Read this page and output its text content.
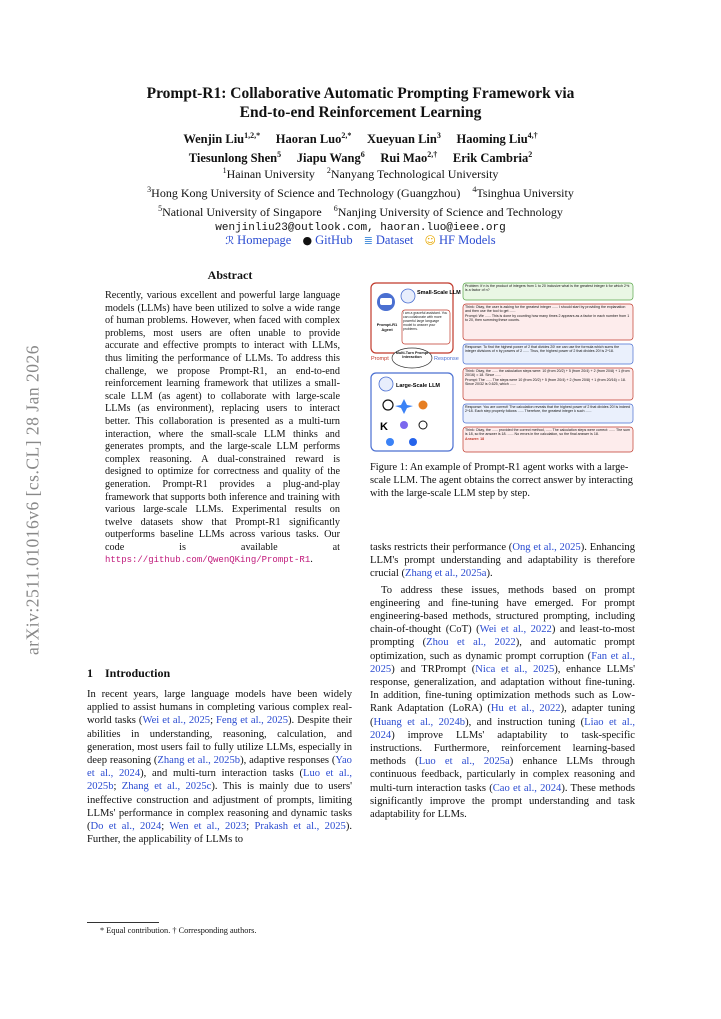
arXiv:2511.01016v6 [cs.CL] 28 Jan 2026
Prompt-R1: Collaborative Automatic Prompting Framework via
End-to-end Reinforcement Learning
Wenjin Liu$^{1,2,*}$ Haoran Luo$^{2,*}$ Xueyuan Lin$^3$ Haoming Liu$^{4,\dagger}$
Tiesunlong Shen$^5$ Jiapu Wang$^6$ Rui Mao$^{2,\dagger}$ Erik Cambria$^2$
$^1$Hainan University $^2$Nanyang Technological University
$^3$Hong Kong University of Science and Technology (Guangzhou) $^4$Tsinghua University
$^5$National University of Singapore $^6$Nanjing University of Science and Technology
wenjinliu23@outlook.com, haoran.luo@ieee.org
ℛ Homepage ● GitHub ≣ Dataset ☺ HF Models
Abstract
Recently, various excellent and powerful large language models (LLMs) have been utilized to solve a wide range of human problems. However, when faced with complex problems, most users are often unable to provide accurate and effective prompts to interact with LLMs, thus limiting the performance of LLMs. To address this challenge, we propose Prompt-R1, an end-to-end reinforcement learning framework that utilizes a small-scale LLM (as agent) to collaborate with large-scale LLMs (as environment), replacing users to interact better. This collaboration is presented as a multi-turn interaction, where the small-scale LLM thinks and generates prompts, and the large-scale LLM performs complex reasoning. A dual-constrained reward is designed to optimize for correctness and quality of the generation. Prompt-R1 provides a plug-and-play framework that supports both inference and training with various large-scale LLMs. Experimental results on twelve datasets show that Prompt-R1 significantly outperforms baseline LLMs across various tasks. Our code is available at https://github.com/QwenQKing/Prompt-R1.
1 Introduction
In recent years, large language models have been widely applied to assist humans in completing various complex real-world tasks (Wei et al., 2025; Feng et al., 2025). Despite their abilities in understanding, reasoning, calculation, and generation, most users fail to fully utilize LLMs, especially in deep reasoning (Zhang et al., 2025b), adaptive responses (Yao et al., 2024), and multi-turn interaction tasks (Luo et al., 2025b; Zhang et al., 2025c). This is mainly due to users' ineffective construction and adjustment of prompts, limiting LLMs' performance in complex reasoning and dynamic tasks (Do et al., 2024; Wen et al., 2023; Prakash et al., 2025). Further, the applicability of LLMs to
* Equal contribution. † Corresponding authors.
Small-Scale LLM
I am a graceful assistant. You can collaborate with more powerful large language model to answer your problems.
Prompt-R1 Agent
Prompt
Multi-Turn Prompt Interaction	Response
Large-Scale LLM
K
Problem: If n is the product of integers from 1 to 20 inclusive what is the greatest integer k for which 2^k is a factor of n?
Think: Okay, the user is asking for the greatest integer ...... I should start by providing the explanation and then use the tool to get ......
Prompt: We ...... This is done by counting how many times 2 appears as a factor in each number from 1 to 20, then summing these counts.
Response: To find the highest power of 2 that divides 20! we can use the formula which sums the integer divisions of n by powers of 2 ...... Thus, the highest power of 2 that divides 20! is 2^18.
Think: Okay, the ...... the calculation steps were: 10 (from 20/2) + 5 (from 20/4) + 2 (from 20/8) + 1 (from 20/16) = 18. Since ......
Prompt: The ...... The steps were 10 (from 20/2) + 5 (from 20/4) + 2 (from 20/8) + 1 (from 20/16) = 18. Since 20/32 is 0.625, which ......
Response: You are correct! The calculation reveals that the highest power of 2 that divides 20! is indeed 2^18. Each step properly follows ...... Therefore, the greatest integer k such ......
Think: Okay, the ...... provided the correct method, ...... The calculation steps were correct: ...... The sum is 18, so the answer is 18. ...... No errors in the calculation, so the final answer is 18.
Answer: 18
Figure 1: An example of Prompt-R1 agent works with a large-scale LLM. The agent obtains the correct answer by interacting with the large-scale LLM step by step.

tasks restricts their performance (Ong et al., 2025). Enhancing LLM's prompt understanding and adaptability is therefore crucial (Zhang et al., 2025a).

To address these issues, methods based on prompt engineering and fine-tuning have emerged. For prompt engineering-based methods, structured prompting, including chain-of-thought (CoT) (Wei et al., 2022) and least-to-most prompting (Zhou et al., 2022), and automatic prompt optimization, such as dynamic prompt corruption (Fan et al., 2025) and TRPrompt (Nica et al., 2025), enhance LLMs' response, generalization, and adaptation without fine-tuning. In addition, fine-tuning optimization methods such as Low-Rank Adaptation (LoRA) (Hu et al., 2022), adapter tuning (Huang et al., 2024b), and instruction tuning (Liao et al., 2024) improve LLMs' adaptability to task-specific instructions. Furthermore, reinforcement learning-based methods (Luo et al., 2025a) enhance LLMs through continuous feedback, particularly in complex reasoning and multi-turn interaction tasks (Cao et al., 2024). These methods significantly improve the prompt understanding and task adaptability for LLMs.
